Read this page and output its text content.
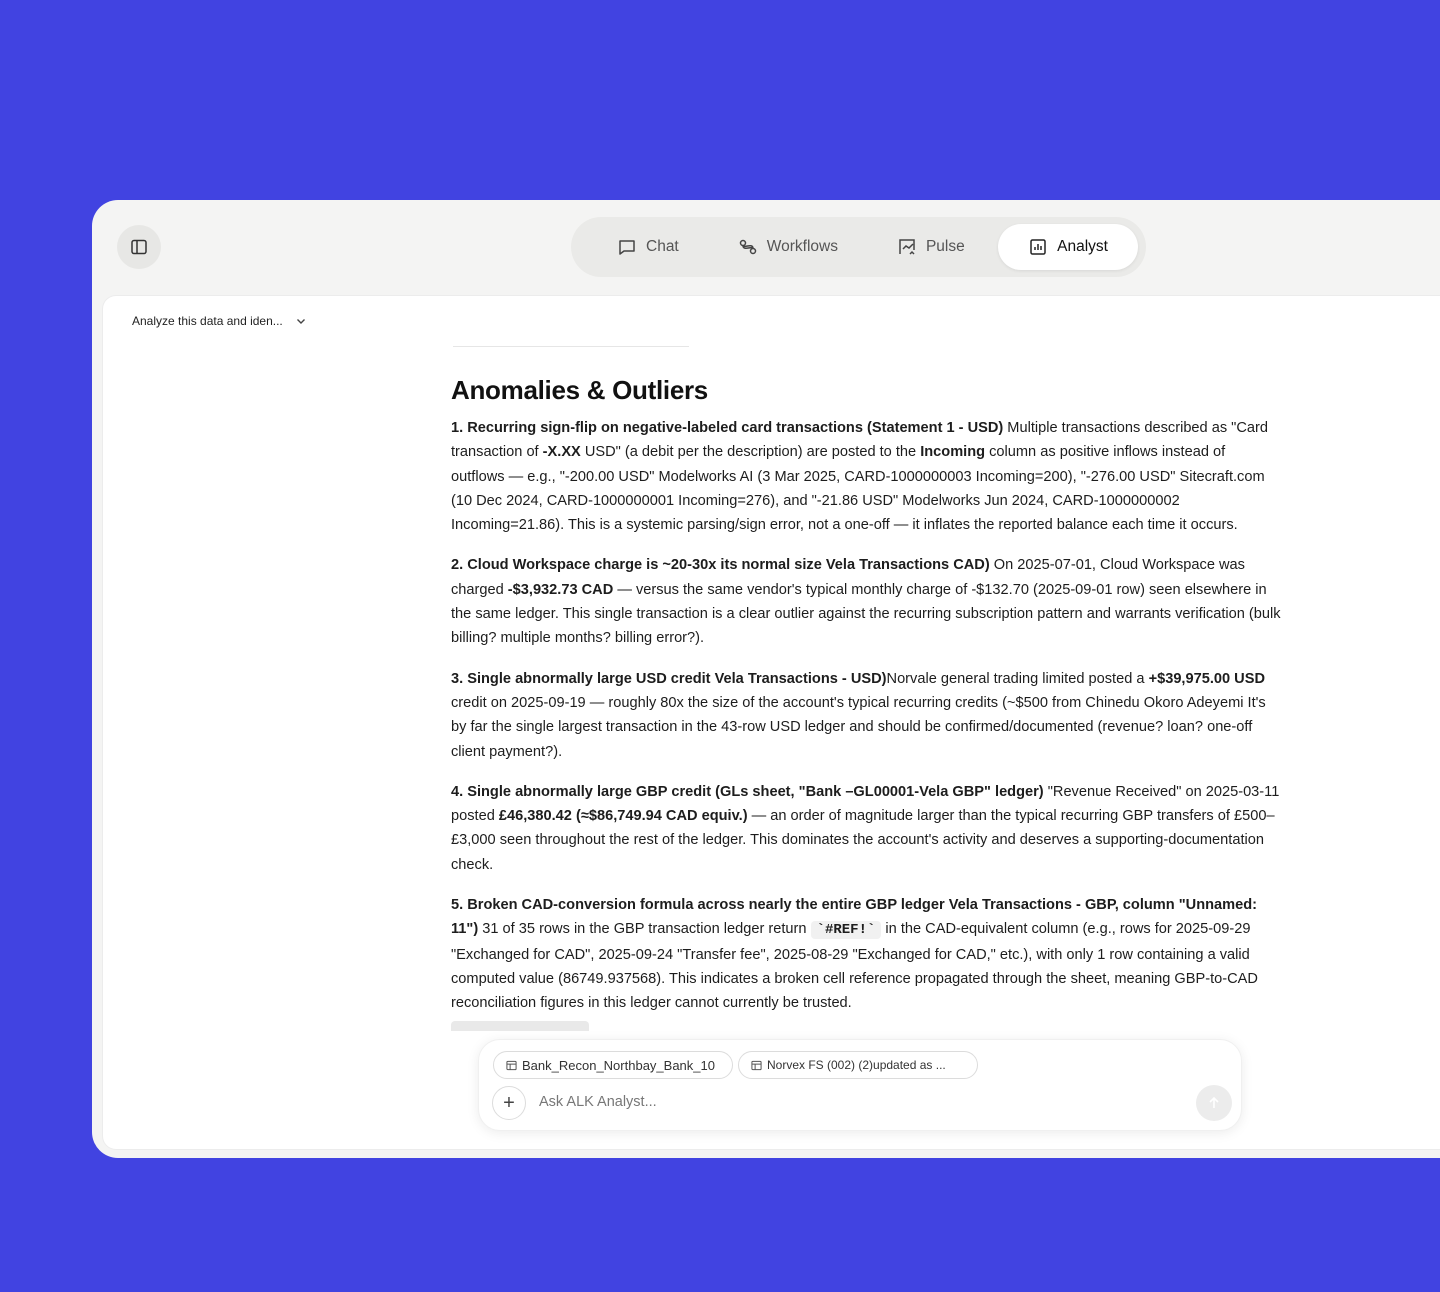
Chat	Workflows	Pulse	Analyst
Analyze this data and iden...
Anomalies & Outliers

1. Recurring sign-flip on negative-labeled card transactions (Statement 1 - USD) Multiple transactions described as "Card transaction of -X.XX USD" (a debit per the description) are posted to the Incoming column as positive inflows instead of outflows — e.g., "-200.00 USD" Modelworks AI (3 Mar 2025, CARD-1000000003 Incoming=200), "-276.00 USD" Sitecraft.com (10 Dec 2024, CARD-1000000001 Incoming=276), and "-21.86 USD" Modelworks Jun 2024, CARD-1000000002 Incoming=21.86). This is a systemic parsing/sign error, not a one-off — it inflates the reported balance each time it occurs.

2. Cloud Workspace charge is ~20-30x its normal size Vela Transactions CAD) On 2025-07-01, Cloud Workspace was charged -$3,932.73 CAD — versus the same vendor's typical monthly charge of -$132.70 (2025-09-01 row) seen elsewhere in the same ledger. This single transaction is a clear outlier against the recurring subscription pattern and warrants verification (bulk billing? multiple months? billing error?).

3. Single abnormally large USD credit Vela Transactions - USD)Norvale general trading limited posted a +$39,975.00 USD credit on 2025-09-19 — roughly 80x the size of the account's typical recurring credits (~$500 from Chinedu Okoro Adeyemi It's by far the single largest transaction in the 43-row USD ledger and should be confirmed/documented (revenue? loan? one-off client payment?).

4. Single abnormally large GBP credit (GLs sheet, "Bank –GL00001-Vela GBP" ledger) "Revenue Received" on 2025-03-11 posted £46,380.42 (≈$86,749.94 CAD equiv.) — an order of magnitude larger than the typical recurring GBP transfers of £500–£3,000 seen throughout the rest of the ledger. This dominates the account's activity and deserves a supporting-documentation check.

5. Broken CAD-conversion formula across nearly the entire GBP ledger Vela Transactions - GBP, column "Unnamed: 11") 31 of 35 rows in the GBP transaction ledger return `#REF!` in the CAD-equivalent column (e.g., rows for 2025-09-29 "Exchanged for CAD", 2025-09-24 "Transfer fee", 2025-08-29 "Exchanged for CAD," etc.), with only 1 row containing a valid computed value (86749.937568). This indicates a broken cell reference propagated through the sheet, meaning GBP-to-CAD reconciliation figures in this ledger cannot currently be trusted.

Bank_Recon_Northbay_Bank_10	Norvex FS (002) (2)updated as ...
+
Ask ALK Analyst...
